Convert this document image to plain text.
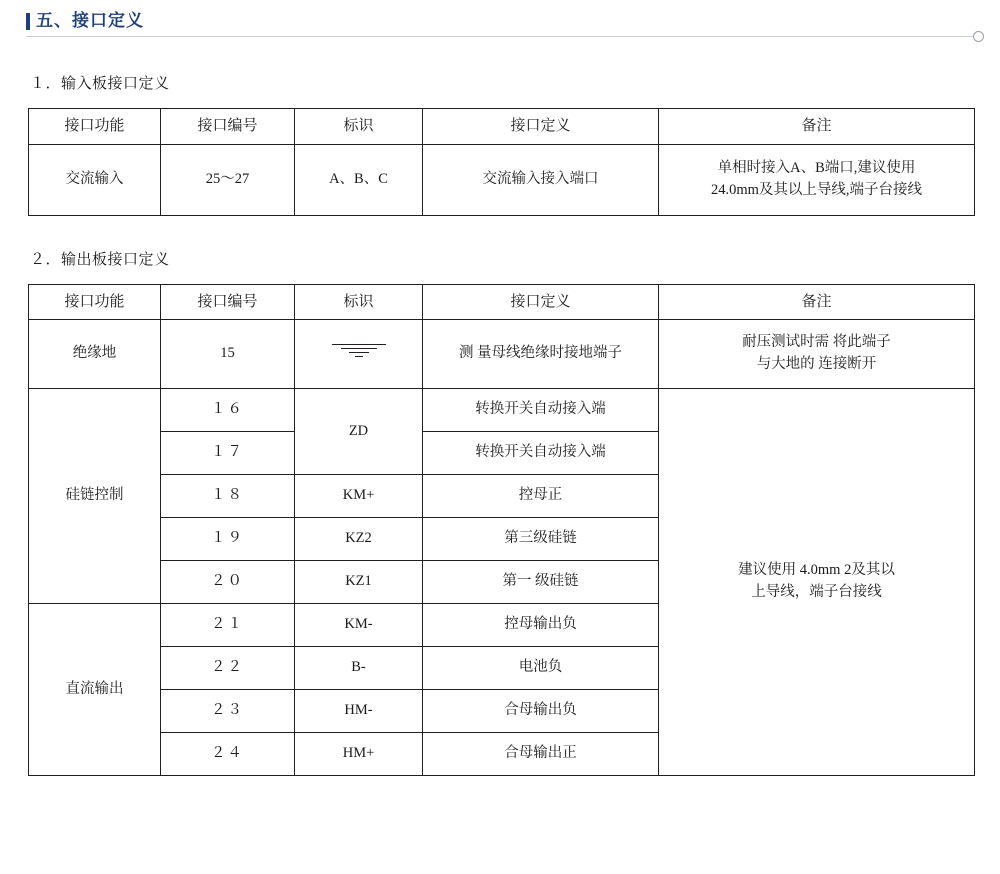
五、接口定义
１．输入板接口定义
接口功能	接口编号	标识	接口定义	备注
交流输入	25～27	A、B、C	交流输入接入端口	单相时接入A、B端口,建议使用
24.0mm及其以上导线,端子台接线
２．输出板接口定义
接口功能	接口编号	标识	接口定义	备注
绝缘地	15		测 量母线绝缘时接地端子	耐压测试时需 将此端子
与大地的 连接断开

硅链控制	１６	ZD	转换开关自动接入端	建议使用 4.0mm 2及其以
上导线，端子台接线

	１７		转换开关自动接入端	
	１８	KM+	控母正	
	１９	KZ2	第三级硅链	
	２０	KZ1	第一 级硅链	
直流输出	２１	KM-	控母输出负	
	２２	B-	电池负	
	２３	HM-	合母输出负	
	２４	HM+	合母输出正	
